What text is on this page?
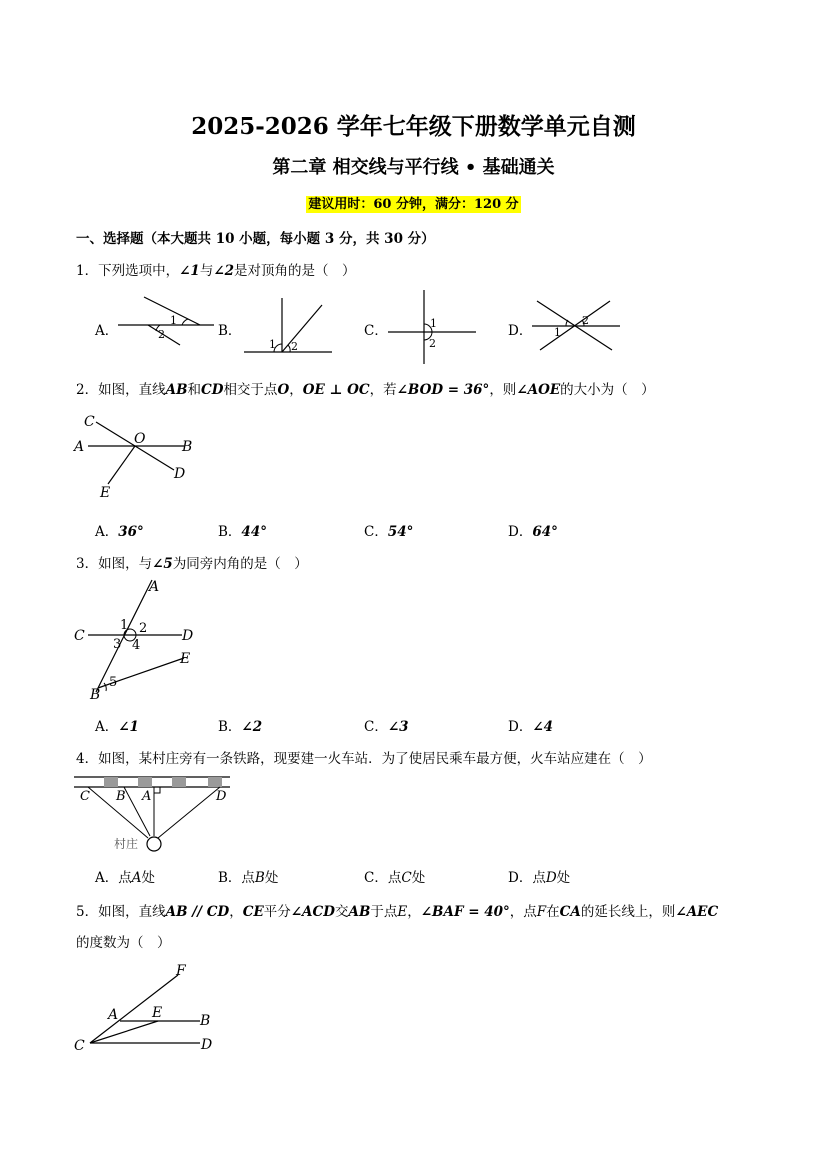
2025-2026 学年七年级下册数学单元自测
第二章 相交线与平行线 • 基础通关
建议用时：60 分钟，满分：120 分
一、选择题（本大题共 10 小题，每小题 3 分，共 30 分）
1．下列选项中，∠1与∠2是对顶角的是（　）
A．
1
2	B．
1 2
C．	1
2
D． 1
2
2．如图，直线AB和CD相交于点O，OE ⊥ OC，若∠BOD = 36°，则∠AOE的大小为（　）
C
A	O	B
D
E
A．36°	B．44°	C．54°	D．64°
3．如图，与∠5为同旁内角的是（　）
A
C	D
E
B
1 2
3 4
5
A．∠1	B．∠2	C．∠3	D．∠4
4．如图，某村庄旁有一条铁路，现要建一火车站．为了使居民乘车最方便，火车站应建在（　）
C B A	D
村庄
A．点A处	B．点B处	C．点C处	D．点D处
5．如图，直线AB // CD，CE平分∠ACD交AB于点E，∠BAF = 40°，点F在CA的延长线上，则∠AEC
的度数为（　）
F
A E	B
C	D
